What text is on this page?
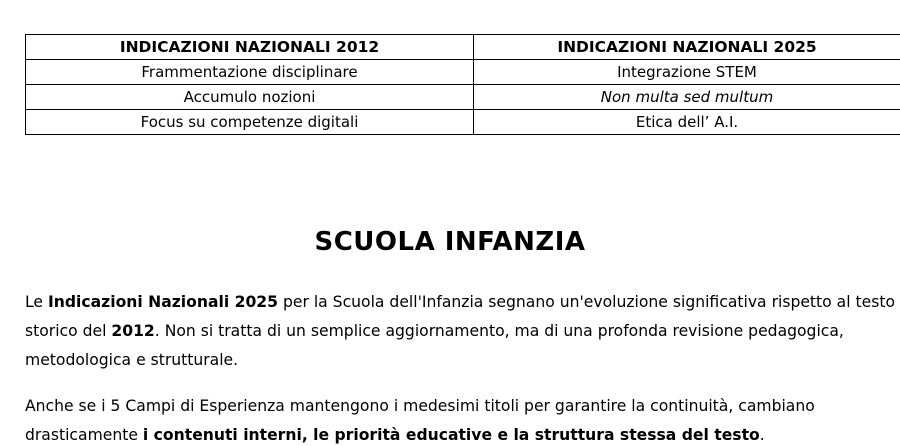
INDICAZIONI NAZIONALI 2012	INDICAZIONI NAZIONALI 2025
Frammentazione disciplinare	Integrazione STEM
Accumulo nozioni	Non multa sed multum
Focus su competenze digitali	Etica dell’ A.I.
SCUOLA INFANZIA

Le Indicazioni Nazionali 2025 per la Scuola dell'Infanzia segnano un'evoluzione significativa rispetto al testo storico del 2012. Non si tratta di un semplice aggiornamento, ma di una profonda revisione pedagogica, metodologica e strutturale.

Anche se i 5 Campi di Esperienza mantengono i medesimi titoli per garantire la continuità, cambiano drasticamente i contenuti interni, le priorità educative e la struttura stessa del testo.
